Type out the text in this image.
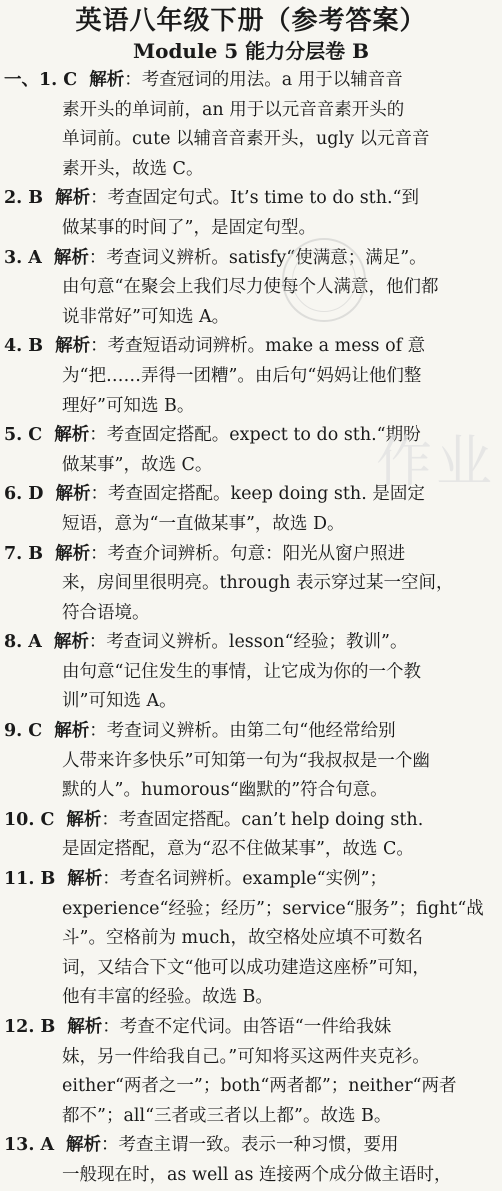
英语八年级下册（参考答案）
Module 5 能力分层卷 B
一、1. C 解析：考查冠词的用法。a 用于以辅音音
素开头的单词前，an 用于以元音音素开头的
单词前。cute 以辅音音素开头，ugly 以元音音
素开头，故选 C。
2. B 解析：考查固定句式。It’s time to do sth.“到
做某事的时间了”，是固定句型。
3. A 解析：考查词义辨析。satisfy“使满意；满足”。
由句意“在聚会上我们尽力使每个人满意，他们都
说非常好”可知选 A。
4. B 解析：考查短语动词辨析。make a mess of 意
为“把……弄得一团糟”。由后句“妈妈让他们整
理好”可知选 B。
5. C 解析：考查固定搭配。expect to do sth.“期盼
做某事”，故选 C。
6. D 解析：考查固定搭配。keep doing sth. 是固定
短语，意为“一直做某事”，故选 D。
7. B 解析：考查介词辨析。句意：阳光从窗户照进
来，房间里很明亮。through 表示穿过某一空间，
符合语境。
8. A 解析：考查词义辨析。lesson“经验；教训”。
由句意“记住发生的事情，让它成为你的一个教
训”可知选 A。
9. C 解析：考查词义辨析。由第二句“他经常给别
人带来许多快乐”可知第一句为“我叔叔是一个幽
默的人”。humorous“幽默的”符合句意。
10. C 解析：考查固定搭配。can’t help doing sth.
是固定搭配，意为“忍不住做某事”，故选 C。
11. B 解析：考查名词辨析。example“实例”；
experience“经验；经历”；service“服务”；fight“战
斗”。空格前为 much，故空格处应填不可数名
词，又结合下文“他可以成功建造这座桥”可知，
他有丰富的经验。故选 B。
12. B 解析：考查不定代词。由答语“一件给我妹
妹，另一件给我自己。”可知将买这两件夹克衫。
either“两者之一”；both“两者都”；neither“两者
都不”；all“三者或三者以上都”。故选 B。
13. A 解析：考查主谓一致。表示一种习惯，要用
一般现在时，as well as 连接两个成分做主语时，
作业
